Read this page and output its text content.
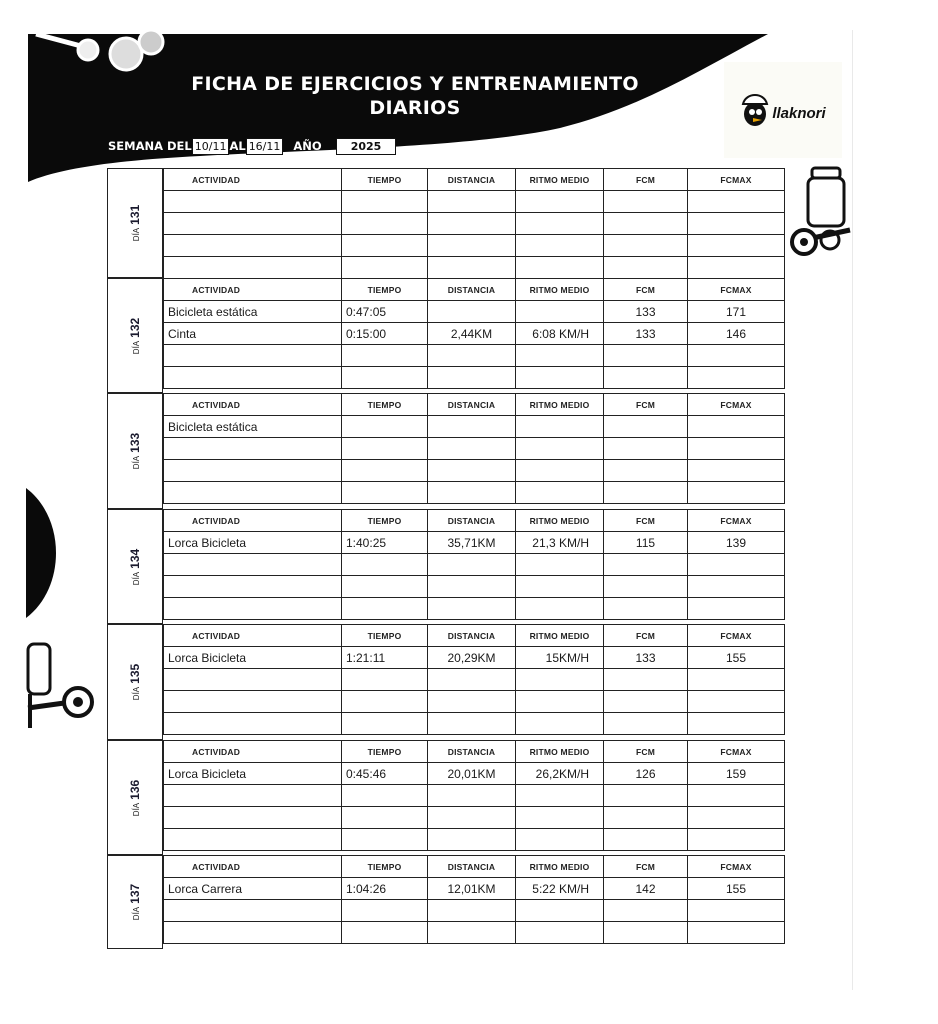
FICHA DE EJERCICIOS Y ENTRENAMIENTO
DIARIOS
SEMANA DEL 10/11 AL 16/11 AÑO	2025
llaknori
DÍA131
ACTIVIDAD	TIEMPO	DISTANCIA	RITMO MEDIO	FCM	FCMAX

DÍA132
ACTIVIDAD	TIEMPO	DISTANCIA	RITMO MEDIO	FCM	FCMAX
Bicicleta estática	0:47:05			133	171
Cinta	0:15:00	2,44KM	6:08 KM/H	133	146

DÍA133
ACTIVIDAD	TIEMPO	DISTANCIA	RITMO MEDIO	FCM	FCMAX
Bicicleta estática					

DÍA134
ACTIVIDAD	TIEMPO	DISTANCIA	RITMO MEDIO	FCM	FCMAX
Lorca Bicicleta	1:40:25	35,71KM	21,3 KM/H	115	139

DÍA135
ACTIVIDAD	TIEMPO	DISTANCIA	RITMO MEDIO	FCM	FCMAX
Lorca Bicicleta	1:21:11	20,29KM	15KM/H	133	155

DÍA136
ACTIVIDAD	TIEMPO	DISTANCIA	RITMO MEDIO	FCM	FCMAX
Lorca Bicicleta	0:45:46	20,01KM	26,2KM/H	126	159

DÍA137
ACTIVIDAD	TIEMPO	DISTANCIA	RITMO MEDIO	FCM	FCMAX
Lorca Carrera	1:04:26	12,01KM	5:22 KM/H	142	155
